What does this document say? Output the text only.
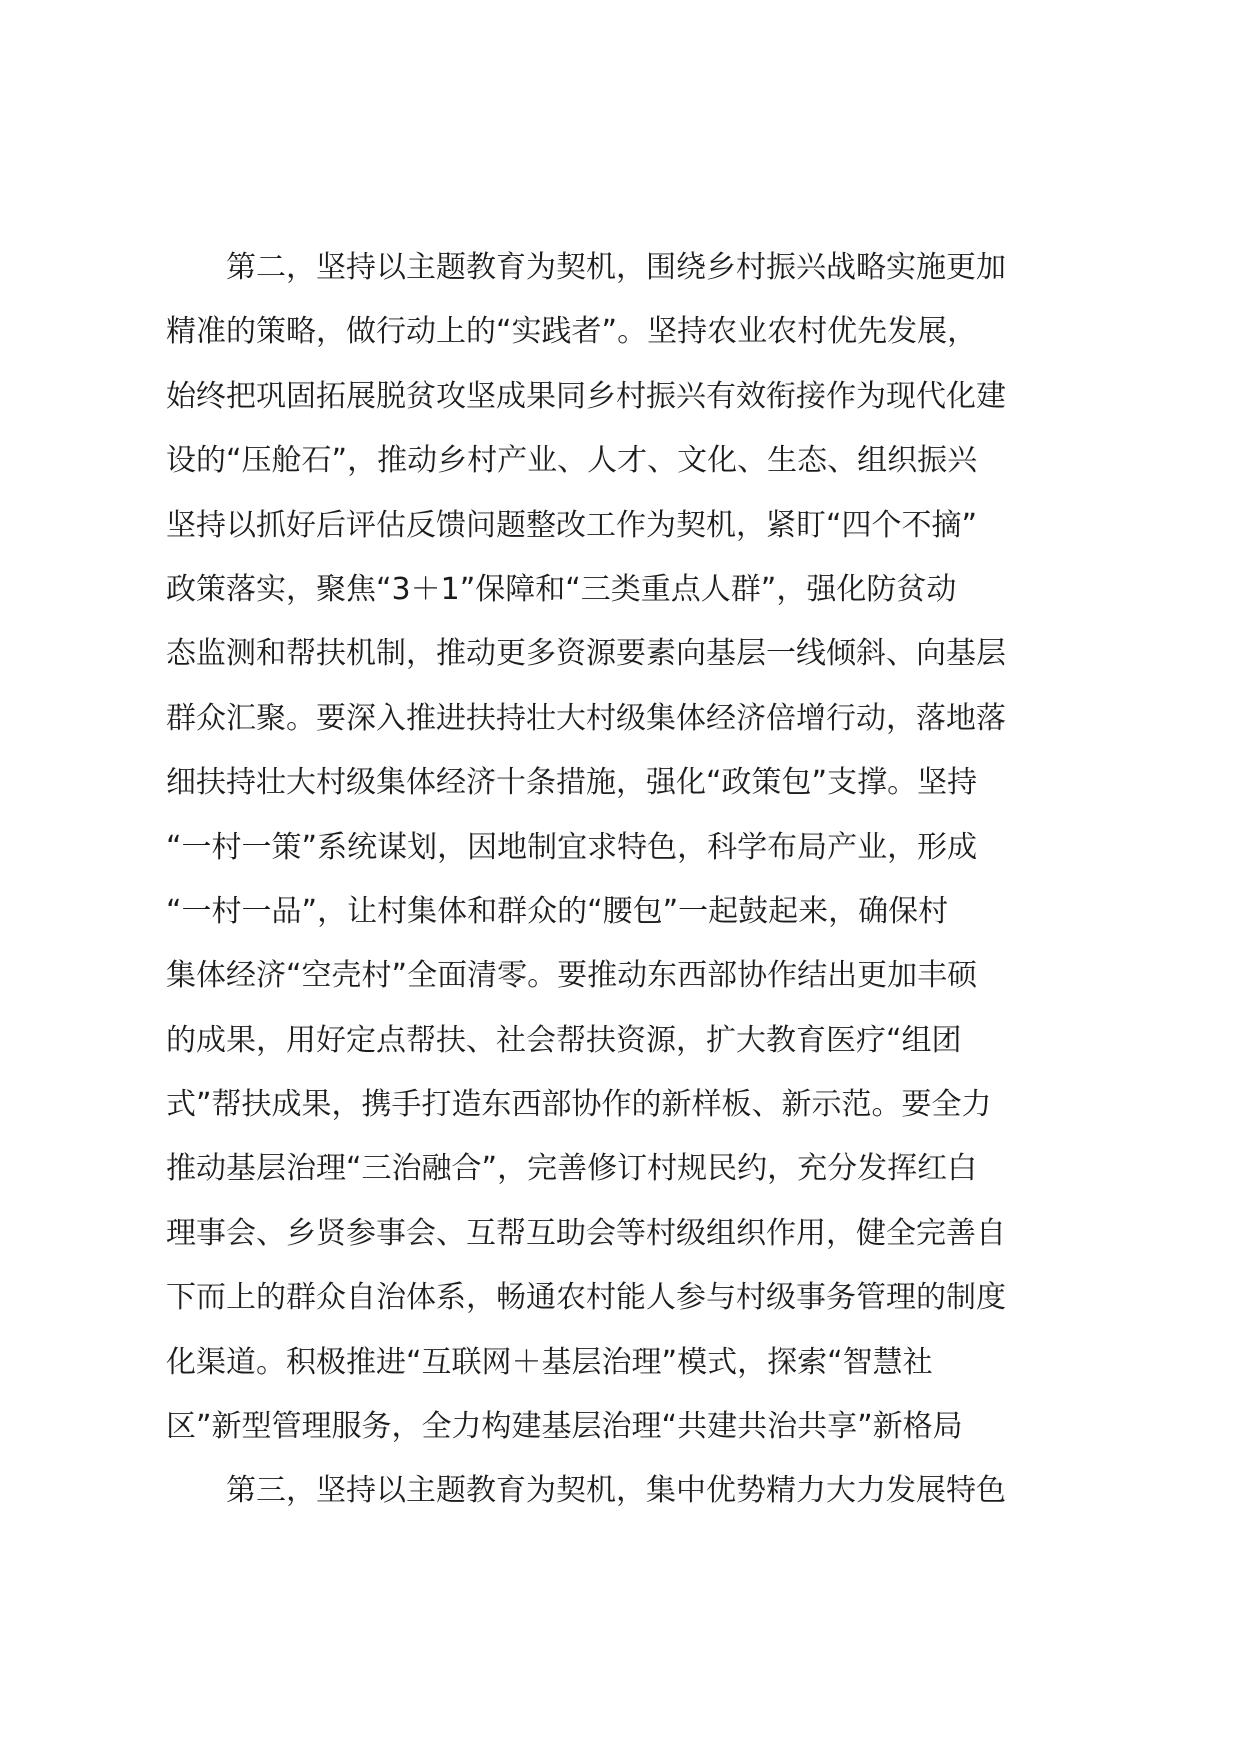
　　第二，坚持以主题教育为契机，围绕乡村振兴战略实施更加
精准的策略，做行动上的“实践者”。坚持农业农村优先发展，
始终把巩固拓展脱贫攻坚成果同乡村振兴有效衔接作为现代化建
设的“压舱石”，推动乡村产业、人才、文化、生态、组织振兴
坚持以抓好后评估反馈问题整改工作为契机，紧盯“四个不摘”
政策落实，聚焦“3＋1”保障和“三类重点人群”，强化防贫动
态监测和帮扶机制，推动更多资源要素向基层一线倾斜、向基层
群众汇聚。要深入推进扶持壮大村级集体经济倍增行动，落地落
细扶持壮大村级集体经济十条措施，强化“政策包”支撑。坚持
“一村一策”系统谋划，因地制宜求特色，科学布局产业，形成
“一村一品”，让村集体和群众的“腰包”一起鼓起来，确保村
集体经济“空壳村”全面清零。要推动东西部协作结出更加丰硕
的成果，用好定点帮扶、社会帮扶资源，扩大教育医疗“组团
式”帮扶成果，携手打造东西部协作的新样板、新示范。要全力
推动基层治理“三治融合”，完善修订村规民约，充分发挥红白
理事会、乡贤参事会、互帮互助会等村级组织作用，健全完善自
下而上的群众自治体系，畅通农村能人参与村级事务管理的制度
化渠道。积极推进“互联网＋基层治理”模式，探索“智慧社
区”新型管理服务，全力构建基层治理“共建共治共享”新格局
　　第三，坚持以主题教育为契机，集中优势精力大力发展特色
